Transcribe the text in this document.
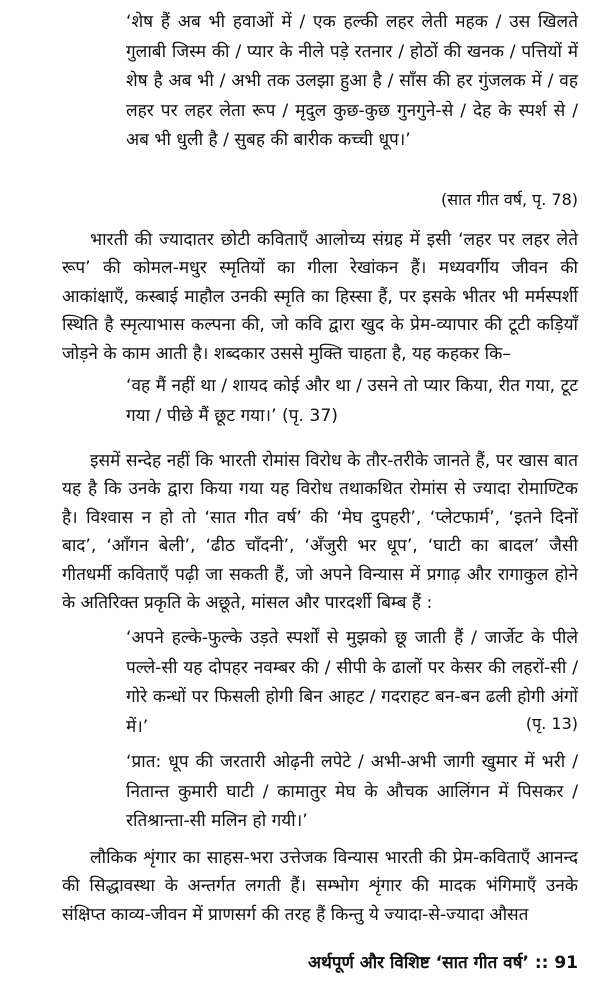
‘शेष हैं अब भी हवाओं में / एक हल्की लहर लेती महक / उस खिलते गुलाबी जिस्म की / प्यार के नीले पड़े रतनार / होठों की खनक / पत्तियों में शेष है अब भी / अभी तक उलझा हुआ है / साँस की हर गुंजलक में / वह लहर पर लहर लेता रूप / मृदुल कुछ-कुछ गुनगुने-से / देह के स्पर्श से / अब भी धुली है / सुबह की बारीक कच्ची धूप।’

(सात गीत वर्ष, पृ. 78)

भारती की ज्यादातर छोटी कविताएँ आलोच्य संग्रह में इसी ‘लहर पर लहर लेते रूप’ की कोमल-मधुर स्मृतियों का गीला रेखांकन हैं। मध्यवर्गीय जीवन की आकांक्षाएँ, कस्बाई माहौल उनकी स्मृति का हिस्सा हैं, पर इसके भीतर भी मर्मस्पर्शी स्थिति है स्मृत्याभास कल्पना की, जो कवि द्वारा खुद के प्रेम-व्यापार की टूटी कड़ियाँ जोड़ने के काम आती है। शब्दकार उससे मुक्ति चाहता है, यह कहकर कि–

‘वह मैं नहीं था / शायद कोई और था / उसने तो प्यार किया, रीत गया, टूट गया / पीछे मैं छूट गया।’ (पृ. 37)

इसमें सन्देह नहीं कि भारती रोमांस विरोध के तौर-तरीके जानते हैं, पर खास बात यह है कि उनके द्वारा किया गया यह विरोध तथाकथित रोमांस से ज्यादा रोमाण्टिक है। विश्वास न हो तो ‘सात गीत वर्ष’ की ‘मेघ दुपहरी’, ‘प्लेटफार्म’, ‘इतने दिनों बाद’, ‘आँगन बेली’, ‘ढीठ चाँदनी’, ‘अँजुरी भर धूप’, ‘घाटी का बादल’ जैसी गीतधर्मी कविताएँ पढ़ी जा सकती हैं, जो अपने विन्यास में प्रगाढ़ और रागाकुल होने के अतिरिक्त प्रकृति के अछूते, मांसल और पारदर्शी बिम्ब हैं :

‘अपने हल्के-फुल्के उड़ते स्पर्शों से मुझको छू जाती हैं / जार्जेट के पीले पल्ले-सी यह दोपहर नवम्बर की / सीपी के ढालों पर केसर की लहरों-सी / गोरे कन्धों पर फिसली होगी बिन आहट / गदराहट बन-बन ढली होगी अंगों में।’	(पृ. 13)

‘प्रात: धूप की जरतारी ओढ़नी लपेटे / अभी-अभी जागी खुमार में भरी / नितान्त कुमारी घाटी / कामातुर मेघ के औचक आलिंगन में पिसकर / रतिश्रान्ता-सी मलिन हो गयी।’

लौकिक शृंगार का साहस-भरा उत्तेजक विन्यास भारती की प्रेम-कविताएँ आनन्द की सिद्धावस्था के अन्तर्गत लगती हैं। सम्भोग शृंगार की मादक भंगिमाएँ उनके संक्षिप्त काव्य-जीवन में प्राणसर्ग की तरह हैं किन्तु ये ज्यादा-से-ज्यादा औसत

अर्थपूर्ण और विशिष्ट ‘सात गीत वर्ष’ :: 91
